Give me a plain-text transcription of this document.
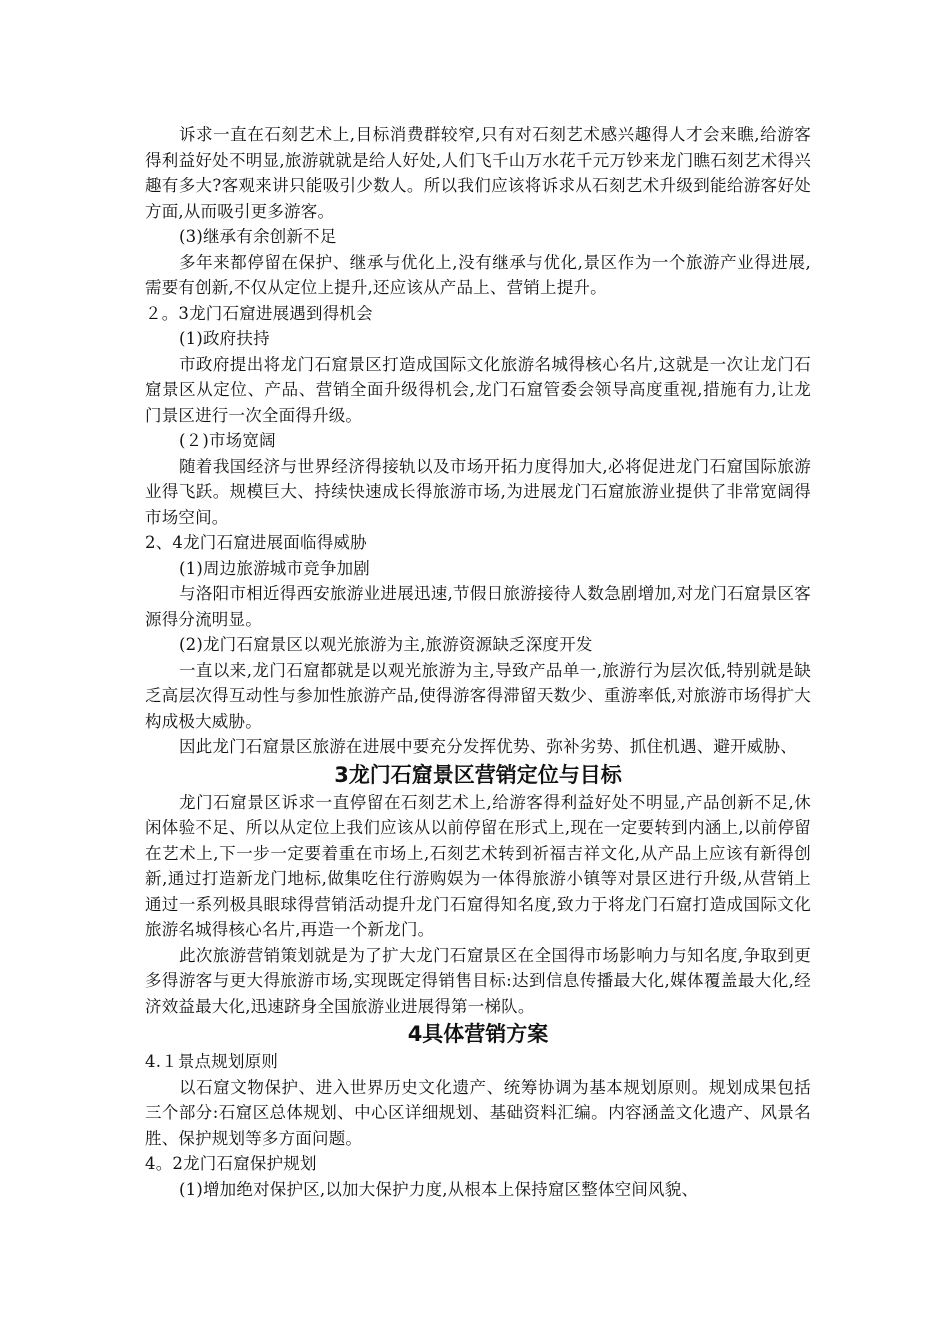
诉求一直在石刻艺术上,目标消费群较窄,只有对石刻艺术感兴趣得人才会来瞧,给游客得利益好处不明显,旅游就就是给人好处,人们飞千山万水花千元万钞来龙门瞧石刻艺术得兴趣有多大?客观来讲只能吸引少数人。所以我们应该将诉求从石刻艺术升级到能给游客好处方面,从而吸引更多游客。

(3)继承有余创新不足

多年来都停留在保护、继承与优化上,没有继承与优化,景区作为一个旅游产业得进展,需要有创新,不仅从定位上提升,还应该从产品上、营销上提升。

２。3龙门石窟进展遇到得机会

(1)政府扶持

市政府提出将龙门石窟景区打造成国际文化旅游名城得核心名片,这就是一次让龙门石窟景区从定位、产品、营销全面升级得机会,龙门石窟管委会领导高度重视,措施有力,让龙门景区进行一次全面得升级。

(２)市场宽阔

随着我国经济与世界经济得接轨以及市场开拓力度得加大,必将促进龙门石窟国际旅游业得飞跃。规模巨大、持续快速成长得旅游市场,为进展龙门石窟旅游业提供了非常宽阔得市场空间。

2、4龙门石窟进展面临得威胁

(1)周边旅游城市竞争加剧

与洛阳市相近得西安旅游业进展迅速,节假日旅游接待人数急剧增加,对龙门石窟景区客源得分流明显。

(2)龙门石窟景区以观光旅游为主,旅游资源缺乏深度开发

一直以来,龙门石窟都就是以观光旅游为主,导致产品单一,旅游行为层次低,特别就是缺乏高层次得互动性与参加性旅游产品,使得游客得滞留天数少、重游率低,对旅游市场得扩大构成极大威胁。

因此龙门石窟景区旅游在进展中要充分发挥优势、弥补劣势、抓住机遇、避开威胁、

3龙门石窟景区营销定位与目标

龙门石窟景区诉求一直停留在石刻艺术上,给游客得利益好处不明显,产品创新不足,休闲体验不足、所以从定位上我们应该从以前停留在形式上,现在一定要转到内涵上,以前停留在艺术上,下一步一定要着重在市场上,石刻艺术转到祈福吉祥文化,从产品上应该有新得创新,通过打造新龙门地标,做集吃住行游购娱为一体得旅游小镇等对景区进行升级,从营销上通过一系列极具眼球得营销活动提升龙门石窟得知名度,致力于将龙门石窟打造成国际文化旅游名城得核心名片,再造一个新龙门。

此次旅游营销策划就是为了扩大龙门石窟景区在全国得市场影响力与知名度,争取到更多得游客与更大得旅游市场,实现既定得销售目标:达到信息传播最大化,媒体覆盖最大化,经济效益最大化,迅速跻身全国旅游业进展得第一梯队。

4具体营销方案

4.１景点规划原则

以石窟文物保护、进入世界历史文化遗产、统筹协调为基本规划原则。规划成果包括三个部分:石窟区总体规划、中心区详细规划、基础资料汇编。内容涵盖文化遗产、风景名胜、保护规划等多方面问题。

4。2龙门石窟保护规划

(1)增加绝对保护区,以加大保护力度,从根本上保持窟区整体空间风貌、
